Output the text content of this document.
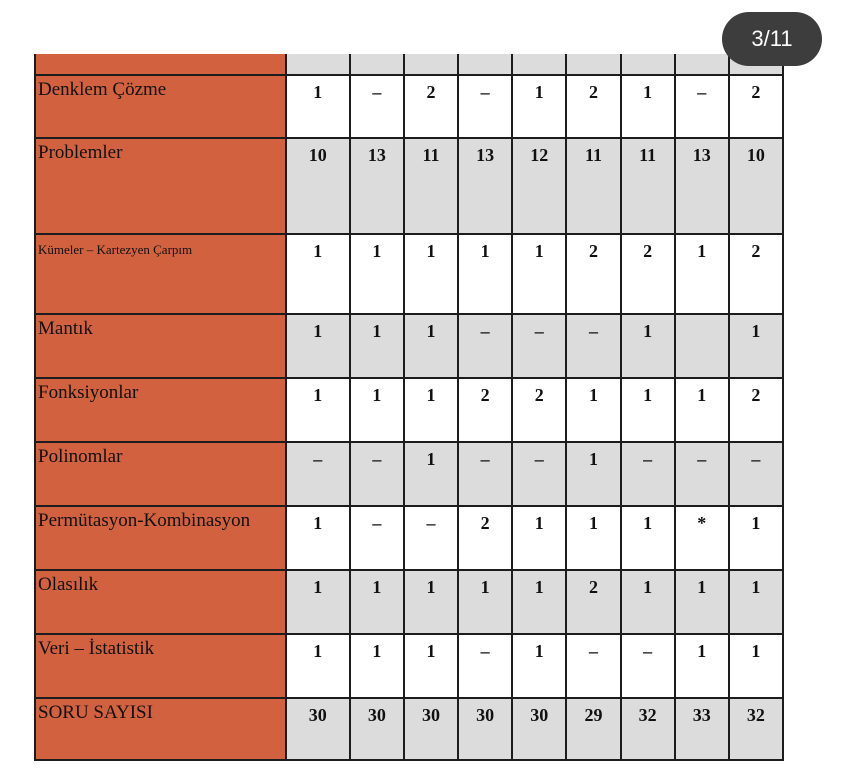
Denklem Çözme	1	–	2	–	1	2	1	–	2
Problemler	10	13	11	13	12	11	11	13	10
Kümeler – Kartezyen Çarpım	1	1	1	1	1	2	2	1	2
Mantık	1	1	1	–	–	–	1		1
Fonksiyonlar	1	1	1	2	2	1	1	1	2
Polinomlar	–	–	1	–	–	1	–	–	–
Permütasyon-Kombinasyon	1	–	–	2	1	1	1	*	1
Olasılık	1	1	1	1	1	2	1	1	1
Veri – İstatistik	1	1	1	–	1	–	–	1	1
SORU SAYISI	30	30	30	30	30	29	32	33	32
3/11
